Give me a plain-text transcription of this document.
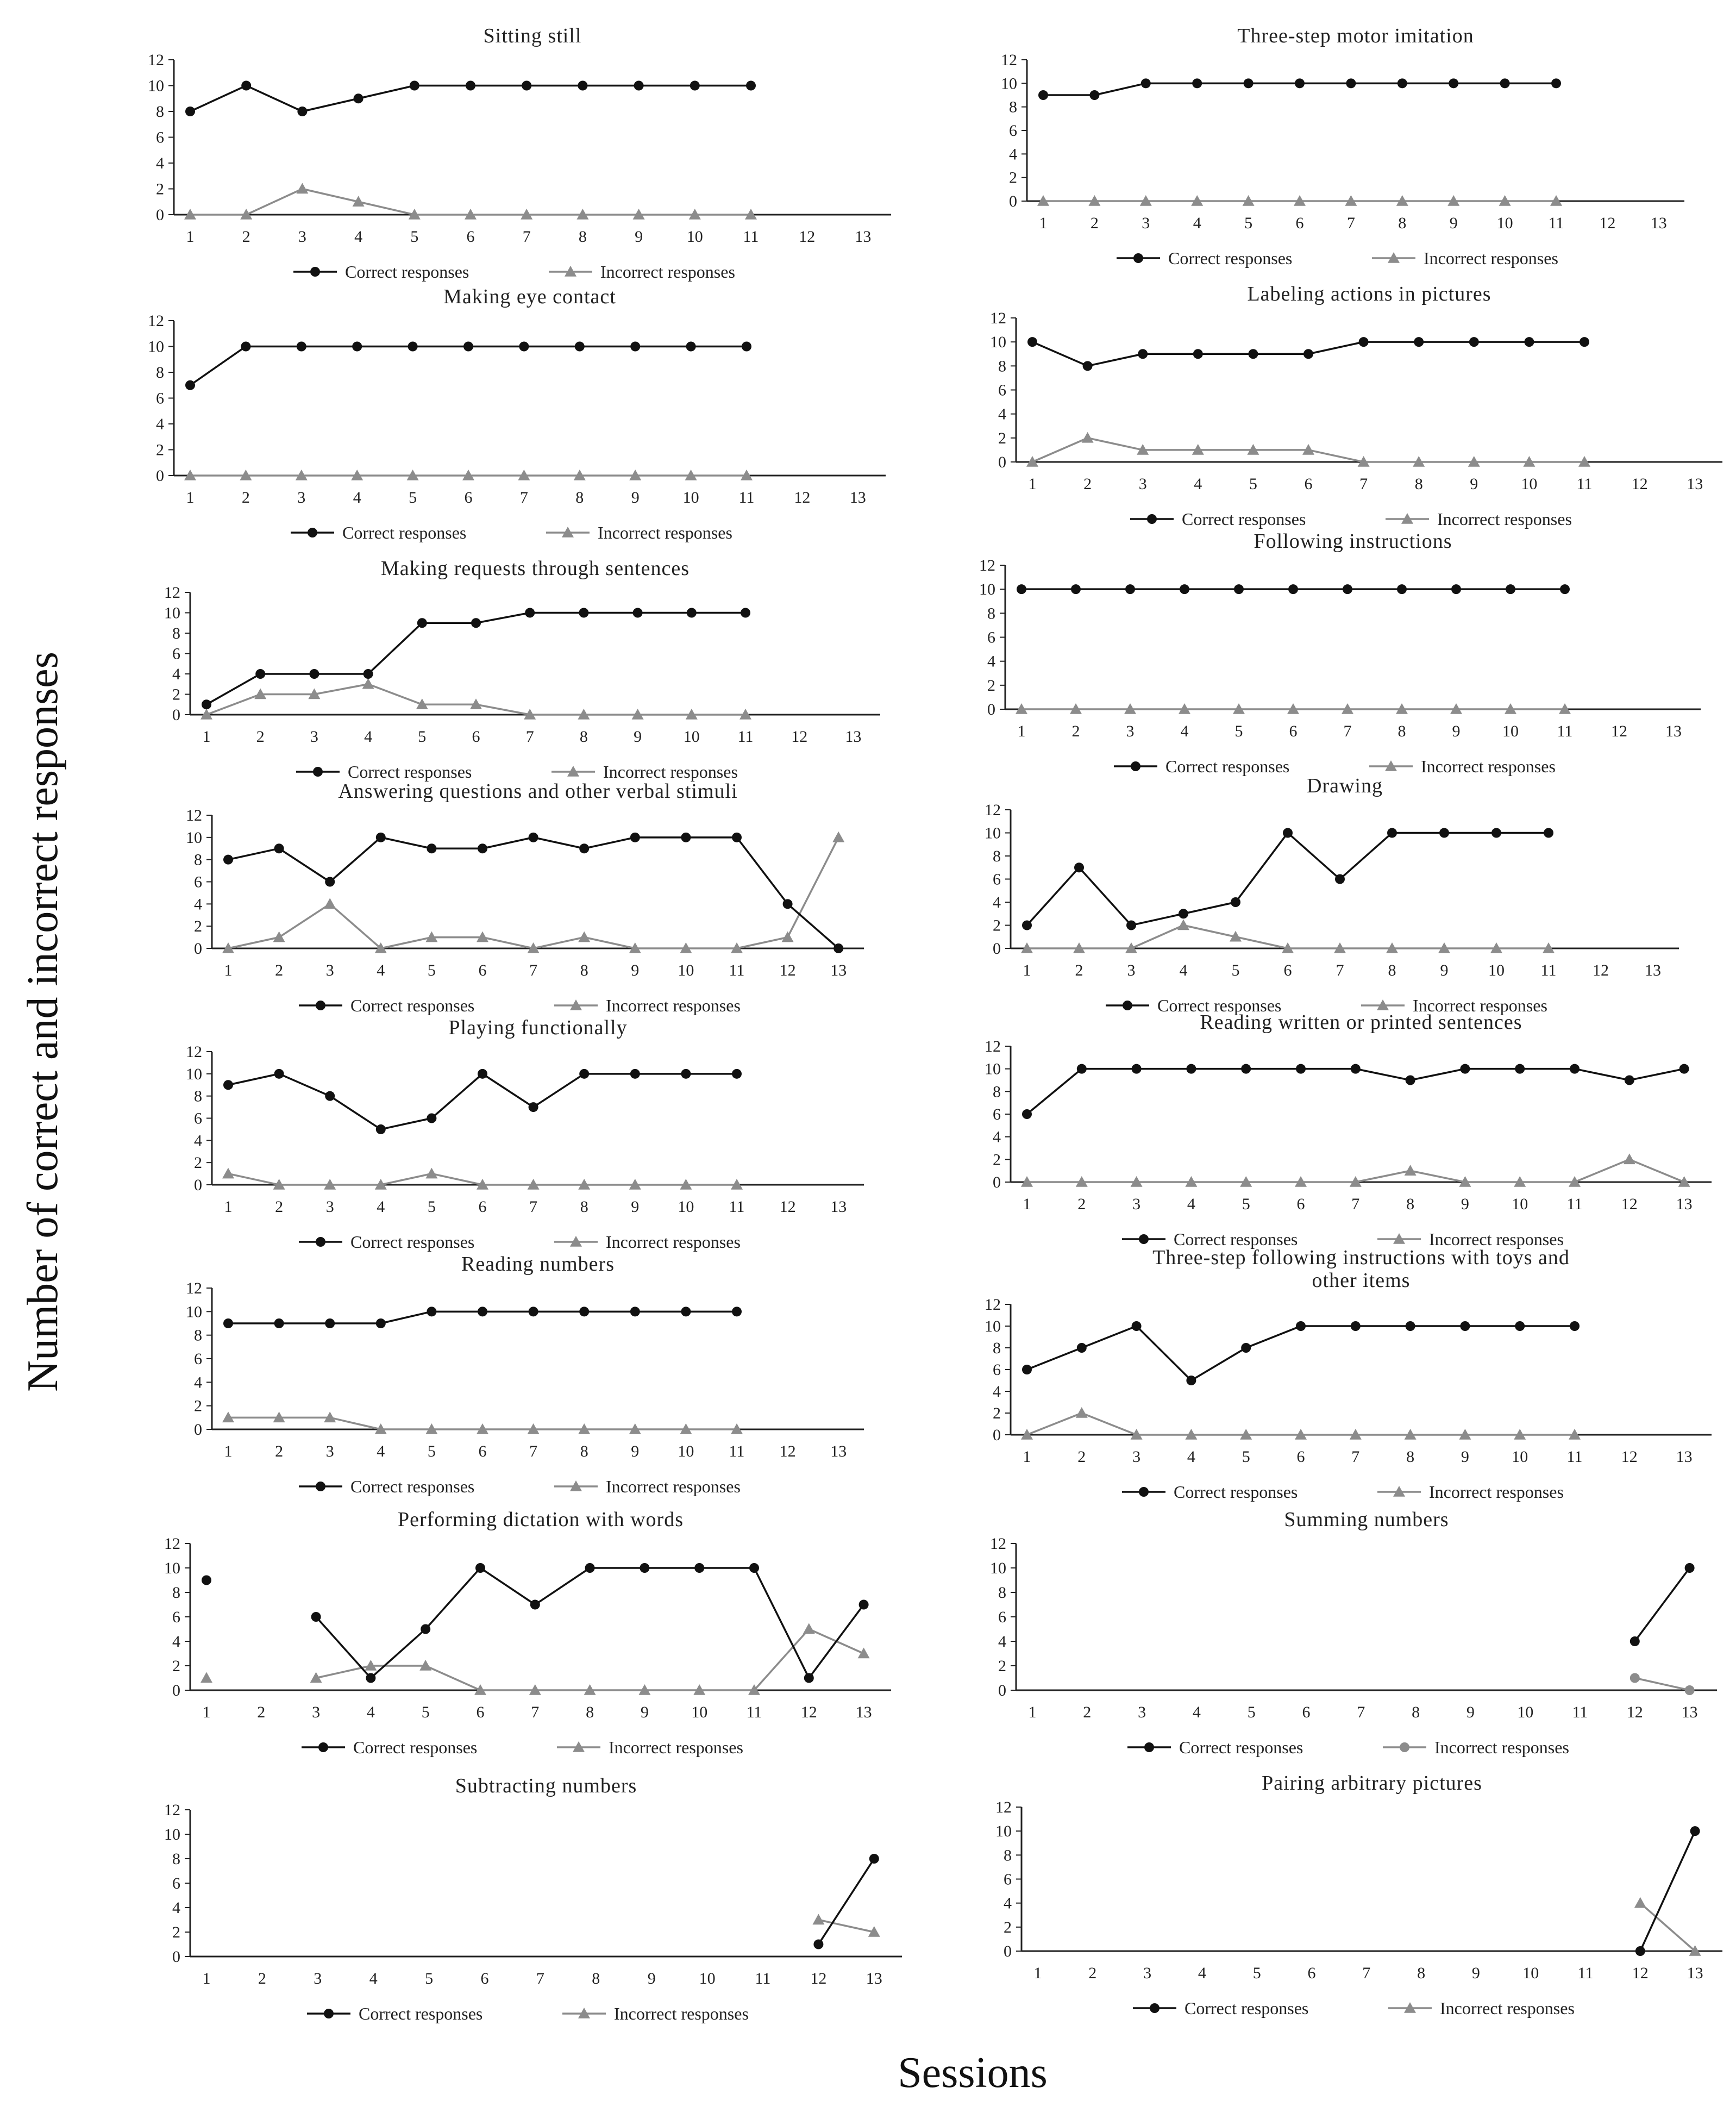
Sitting still
0
2
4
6
8
10
12
1	2	3	4	5	6	7	8	9	10 11 12 13
Correct responses	Incorrect responses
Three-step motor imitation
0
2
4
6
8
10
12
1	2	3	4	5	6	7	8	9 10 11 12 13
Correct responses	Incorrect responses
Making eye contact
0
2
4
6
8
10
12
1	2	3	4	5	6	7	8	9	10 11 12 13
Correct responses	Incorrect responses
Labeling actions in pictures
0
2
4
6
8
10
12
1	2	3	4	5	6	7	8	9	10 11 12 13
Correct responses	Incorrect responses
Making requests through sentences
0
2
4
6
8
10
12
1	2	3	4	5	6	7	8	9	10 11 12 13
Correct responses	Incorrect responses
Following instructions
0
2
4
6
8
10
12
1	2	3	4	5	6	7	8	9	10 11 12 13
Correct responses	Incorrect responses
Answering questions and other verbal stimuli
0
2
4
6
8
10
12
1	2	3	4	5	6	7	8	9 10 11 12 13
Correct responses	Incorrect responses
Drawing
0
2
4
6
8
10
12
1	2	3	4	5	6	7	8	9 10 11 12 13
Correct responses	Incorrect responses
Playing functionally
0
2
4
6
8
10
12
1	2	3	4	5	6	7	8	9 10 11 12 13
Correct responses	Incorrect responses
Reading written or printed sentences
0
2
4
6
8
10
12
1	2	3	4	5	6	7	8	9	10 11 12 13
Correct responses	Incorrect responses
Reading numbers
0
2
4
6
8
10
12
1	2	3	4	5	6	7	8	9 10 11 12 13
Correct responses	Incorrect responses
Three-step following instructions with toys and
other items
0
2
4
6
8
10
12
1	2	3	4	5	6	7	8	9	10 11 12 13
Correct responses	Incorrect responses
Performing dictation with words
0
2
4
6
8
10
12
1	2	3	4	5	6	7	8	9	10 11 12 13
Correct responses	Incorrect responses
Summing numbers
0
2
4
6
8
10
12
1	2	3	4	5	6	7	8	9	10 11 12 13
Correct responses	Incorrect responses
Subtracting numbers
0
2
4
6
8
10
12
1	2	3	4	5	6	7	8	9	10 11 12 13
Correct responses	Incorrect responses
Pairing arbitrary pictures
0
2
4
6
8
10
12
1	2	3	4	5	6	7	8	9	10 11 12 13
Correct responses	Incorrect responses
Number of correct and incorrect responses
Sessions
